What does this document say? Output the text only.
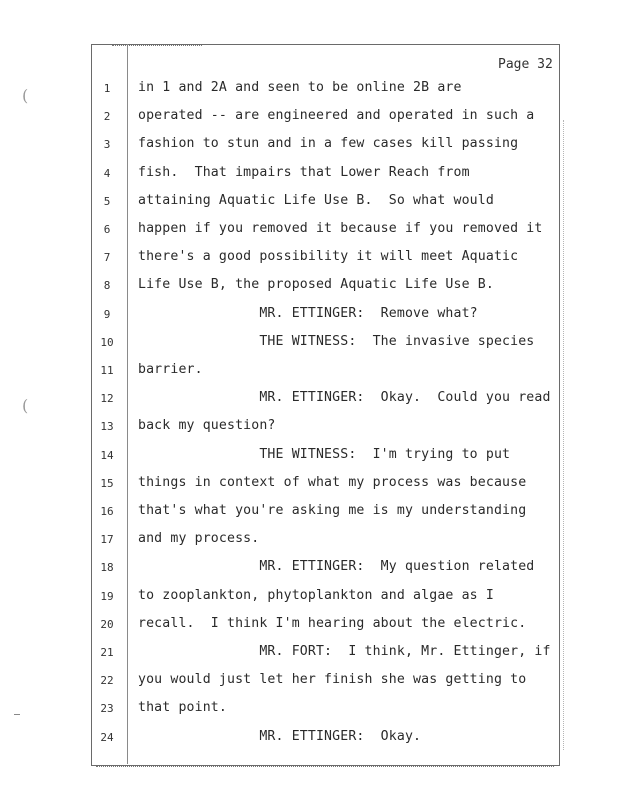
(
(
Page 32
1	in 1 and 2A and seen to be online 2B are
2	operated -- are engineered and operated in such a
3	fashion to stun and in a few cases kill passing
4	fish.  That impairs that Lower Reach from
5	attaining Aquatic Life Use B.  So what would
6	happen if you removed it because if you removed it
7	there's a good possibility it will meet Aquatic
8	Life Use B, the proposed Aquatic Life Use B.
9	MR. ETTINGER:  Remove what?
10	THE WITNESS:  The invasive species
11	barrier.
12	MR. ETTINGER:  Okay.  Could you read
13	back my question?
14	THE WITNESS:  I'm trying to put
15	things in context of what my process was because
16	that's what you're asking me is my understanding
17	and my process.
18	MR. ETTINGER:  My question related
19	to zooplankton, phytoplankton and algae as I
20	recall.  I think I'm hearing about the electric.
21	MR. FORT:  I think, Mr. Ettinger, if
22	you would just let her finish she was getting to
23	that point.
24	MR. ETTINGER:  Okay.
